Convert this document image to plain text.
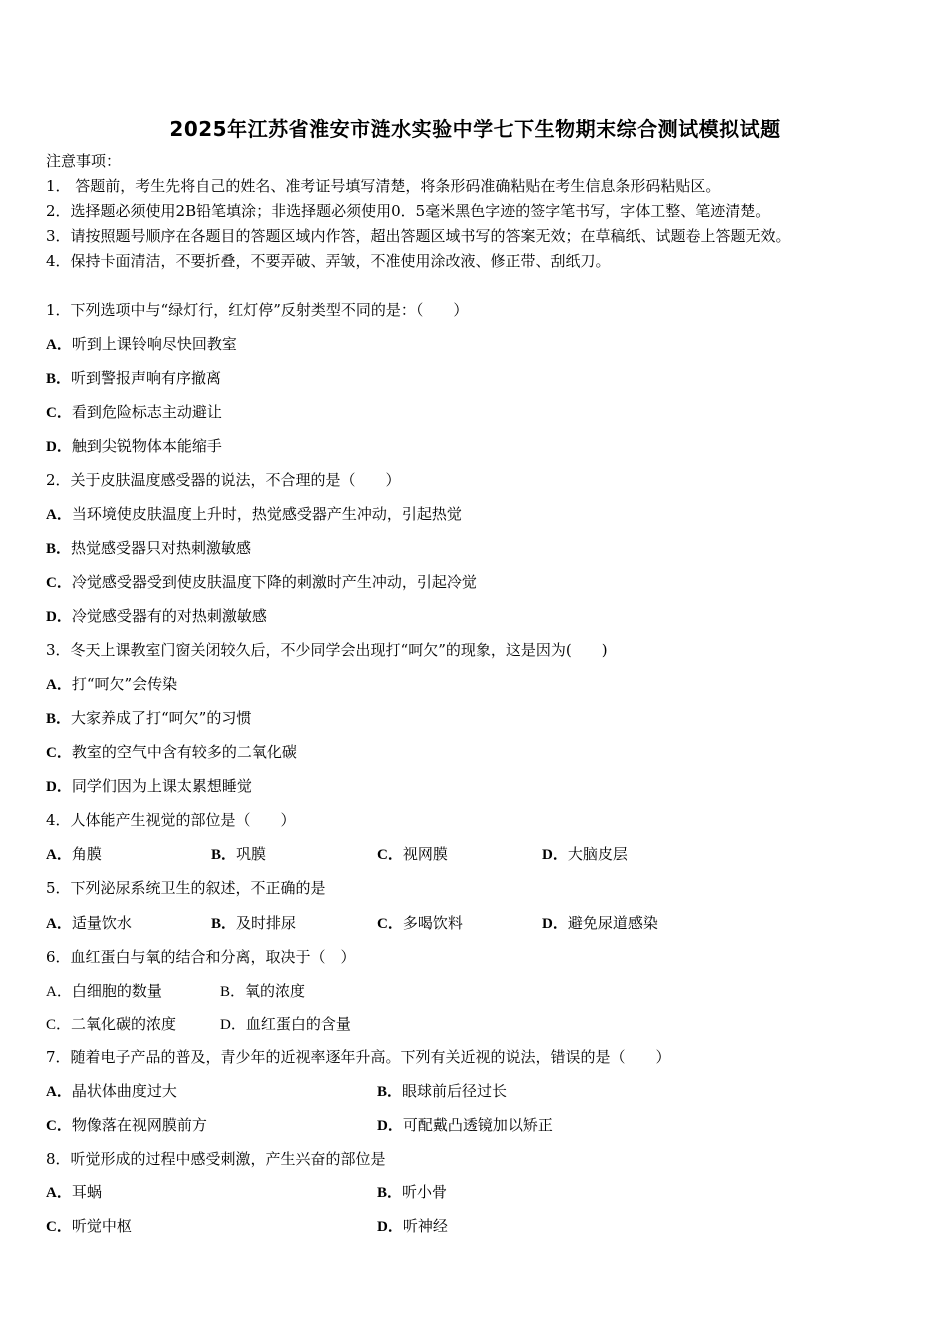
2025年江苏省淮安市涟水实验中学七下生物期末综合测试模拟试题
注意事项：
1． 答题前，考生先将自己的姓名、准考证号填写清楚，将条形码准确粘贴在考生信息条形码粘贴区。
2．选择题必须使用2B铅笔填涂；非选择题必须使用0．5毫米黑色字迹的签字笔书写，字体工整、笔迹清楚。
3．请按照题号顺序在各题目的答题区域内作答，超出答题区域书写的答案无效；在草稿纸、试题卷上答题无效。
4．保持卡面清洁，不要折叠，不要弄破、弄皱，不准使用涂改液、修正带、刮纸刀。
1．下列选项中与“绿灯行，红灯停”反射类型不同的是：（　　）
A．听到上课铃响尽快回教室
B．听到警报声响有序撤离
C．看到危险标志主动避让
D．触到尖锐物体本能缩手
2．关于皮肤温度感受器的说法，不合理的是（　　）
A．当环境使皮肤温度上升时，热觉感受器产生冲动，引起热觉
B．热觉感受器只对热刺激敏感
C．冷觉感受器受到使皮肤温度下降的刺激时产生冲动，引起冷觉
D．冷觉感受器有的对热刺激敏感
3．冬天上课教室门窗关闭较久后，不少同学会出现打“呵欠”的现象，这是因为(　　)
A．打“呵欠”会传染
B．大家养成了打“呵欠”的习惯
C．教室的空气中含有较多的二氧化碳
D．同学们因为上课太累想睡觉
4．人体能产生视觉的部位是（　　）
A．角膜	B．巩膜	C．视网膜	D．大脑皮层
5．下列泌尿系统卫生的叙述，不正确的是
A．适量饮水	B．及时排尿	C．多喝饮料	D．避免尿道感染
6．血红蛋白与氧的结合和分离，取决于（　）
A．白细胞的数量	B．氧的浓度
C．二氧化碳的浓度	D．血红蛋白的含量
7．随着电子产品的普及，青少年的近视率逐年升高。下列有关近视的说法，错误的是（　　）
A．晶状体曲度过大	B．眼球前后径过长
C．物像落在视网膜前方	D．可配戴凸透镜加以矫正
8．听觉形成的过程中感受刺激，产生兴奋的部位是
A．耳蜗	B．听小骨
C．听觉中枢	D．听神经
